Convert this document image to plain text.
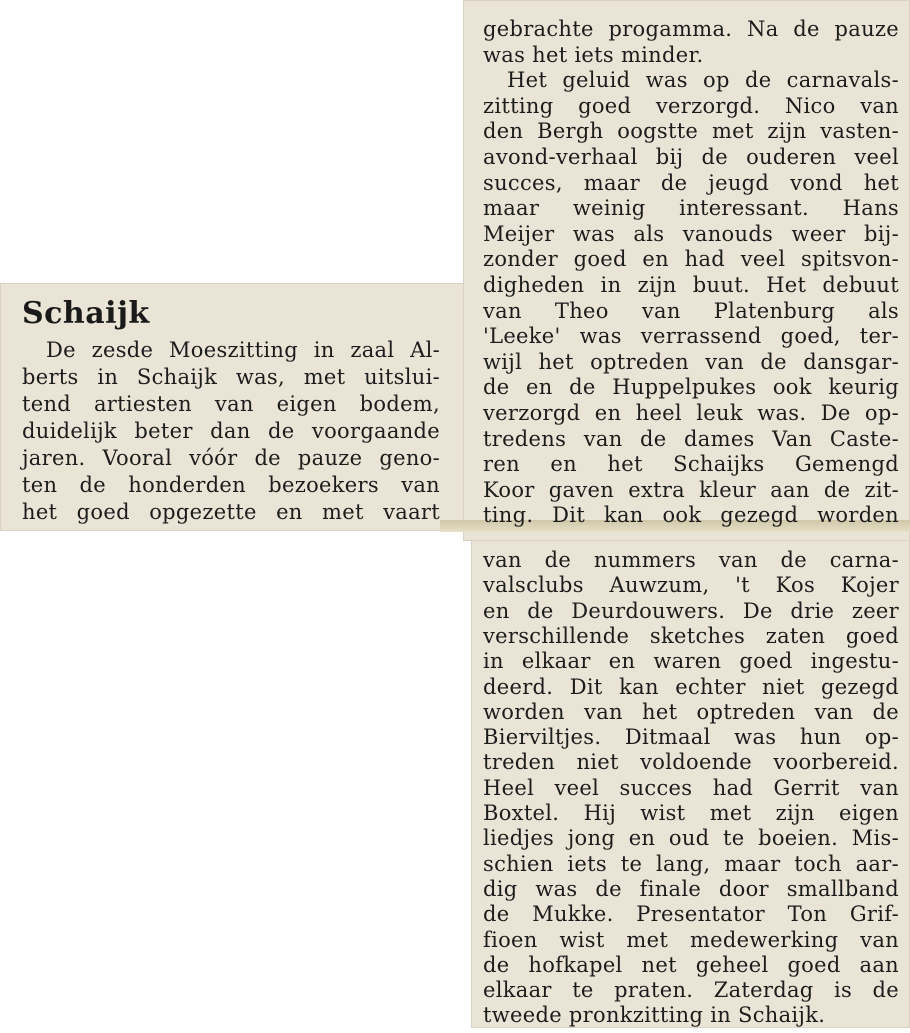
Schaijk
De zesde Moeszitting in zaal Al-
berts in Schaijk was, met uitslui-
tend artiesten van eigen bodem,
duidelijk beter dan de voorgaande
jaren. Vooral vóór de pauze geno-
ten de honderden bezoekers van
het goed opgezette en met vaart
gebrachte progamma. Na de pauze
was het iets minder.
Het geluid was op de carnavals-
zitting goed verzorgd. Nico van
den Bergh oogstte met zijn vasten-
avond-verhaal bij de ouderen veel
succes, maar de jeugd vond het
maar weinig interessant. Hans
Meijer was als vanouds weer bij-
zonder goed en had veel spitsvon-
digheden in zijn buut. Het debuut
van Theo van Platenburg als
'Leeke' was verrassend goed, ter-
wijl het optreden van de dansgar-
de en de Huppelpukes ook keurig
verzorgd en heel leuk was. De op-
tredens van de dames Van Caste-
ren en het Schaijks Gemengd
Koor gaven extra kleur aan de zit-
ting. Dit kan ook gezegd worden
van de nummers van de carna-
valsclubs Auwzum, 't Kos Kojer
en de Deurdouwers. De drie zeer
verschillende sketches zaten goed
in elkaar en waren goed ingestu-
deerd. Dit kan echter niet gezegd
worden van het optreden van de
Bierviltjes. Ditmaal was hun op-
treden niet voldoende voorbereid.
Heel veel succes had Gerrit van
Boxtel. Hij wist met zijn eigen
liedjes jong en oud te boeien. Mis-
schien iets te lang, maar toch aar-
dig was de finale door smallband
de Mukke. Presentator Ton Grif-
fioen wist met medewerking van
de hofkapel net geheel goed aan
elkaar te praten. Zaterdag is de
tweede pronkzitting in Schaijk.
